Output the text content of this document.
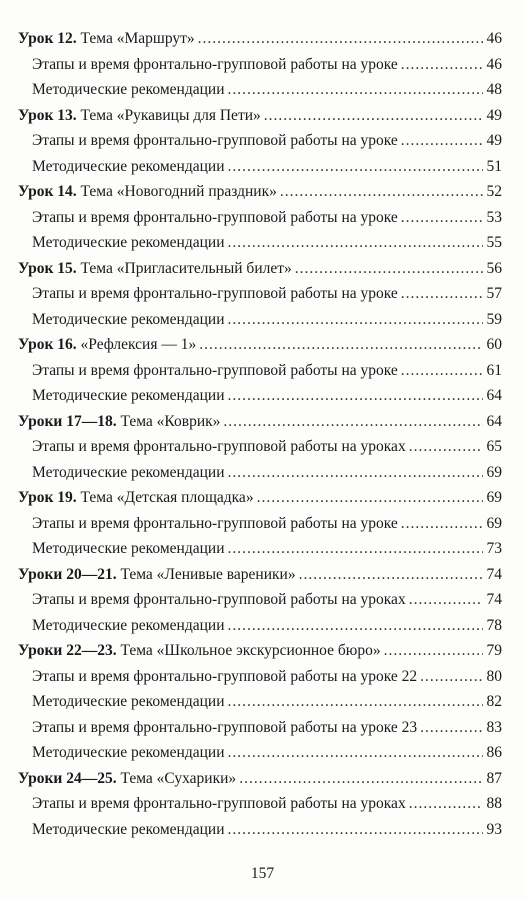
Урок 12. Тема «Маршрут» .....	46
Этапы и время фронтально-групповой работы на уроке .....	46
Методические рекомендации .....	48
Урок 13. Тема «Рукавицы для Пети» .....	49
Этапы и время фронтально-групповой работы на уроке .....	49
Методические рекомендации .....	51
Урок 14. Тема «Новогодний праздник» .....	52
Этапы и время фронтально-групповой работы на уроке .....	53
Методические рекомендации .....	55
Урок 15. Тема «Пригласительный билет» .....	56
Этапы и время фронтально-групповой работы на уроке .....	57
Методические рекомендации .....	59
Урок 16. «Рефлексия — 1» .....	60
Этапы и время фронтально-групповой работы на уроке .....	61
Методические рекомендации .....	64
Уроки 17—18. Тема «Коврик» .....	64
Этапы и время фронтально-групповой работы на уроках .....	65
Методические рекомендации .....	69
Урок 19. Тема «Детская площадка» .....	69
Этапы и время фронтально-групповой работы на уроке .....	69
Методические рекомендации .....	73
Уроки 20—21. Тема «Ленивые вареники» .....	74
Этапы и время фронтально-групповой работы на уроках .....	74
Методические рекомендации .....	78
Уроки 22—23. Тема «Школьное экскурсионное бюро» .....	79
Этапы и время фронтально-групповой работы на уроке 22 .....	80
Методические рекомендации .....	82
Этапы и время фронтально-групповой работы на уроке 23 .....	83
Методические рекомендации .....	86
Уроки 24—25. Тема «Сухарики» .....	87
Этапы и время фронтально-групповой работы на уроках .....	88
Методические рекомендации .....	93
157
